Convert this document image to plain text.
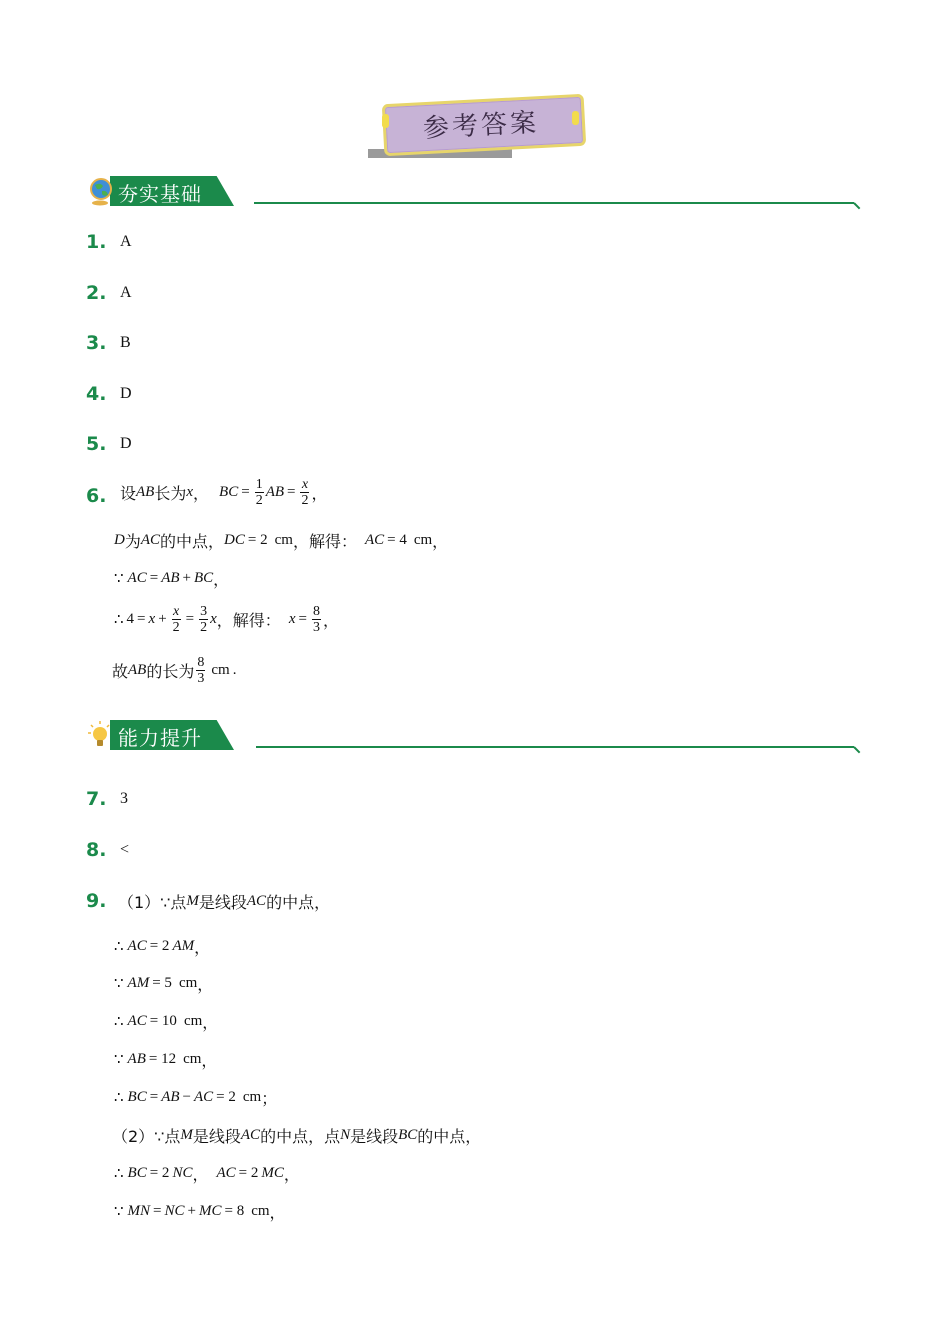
参考答案
夯实基础
1. A
2. A
3. B
4. D
5. D
6. 设 AB 长为 x ， BC = $\frac{1}{2}$ AB = $\frac{x}{2}$ ，
D 为 AC 的中点， DC = 2 cm ，解得： AC = 4 cm ，
∵ AC = AB + BC ，
∴ $4 = x + \frac{x}{2} = \frac{3}{2}$ x ，解得： $x = \frac{8}{3}$ ，
故 AB 的长为 $\frac{8}{3}$ cm .
能力提升
7. 3
8. <
9. （1）∵点 M 是线段 AC 的中点，
∴ AC = 2 AM ，
∵ AM = 5 cm ，
∴ AC = 10 cm ，
∵ AB = 12 cm ，
∴ BC = AB − AC = 2 cm ；
（2）∵点 M 是线段 AC 的中点，点 N 是线段 BC 的中点，
∴ BC = 2 NC ， AC = 2 MC ，
∵ MN = NC + MC = 8 cm ，
